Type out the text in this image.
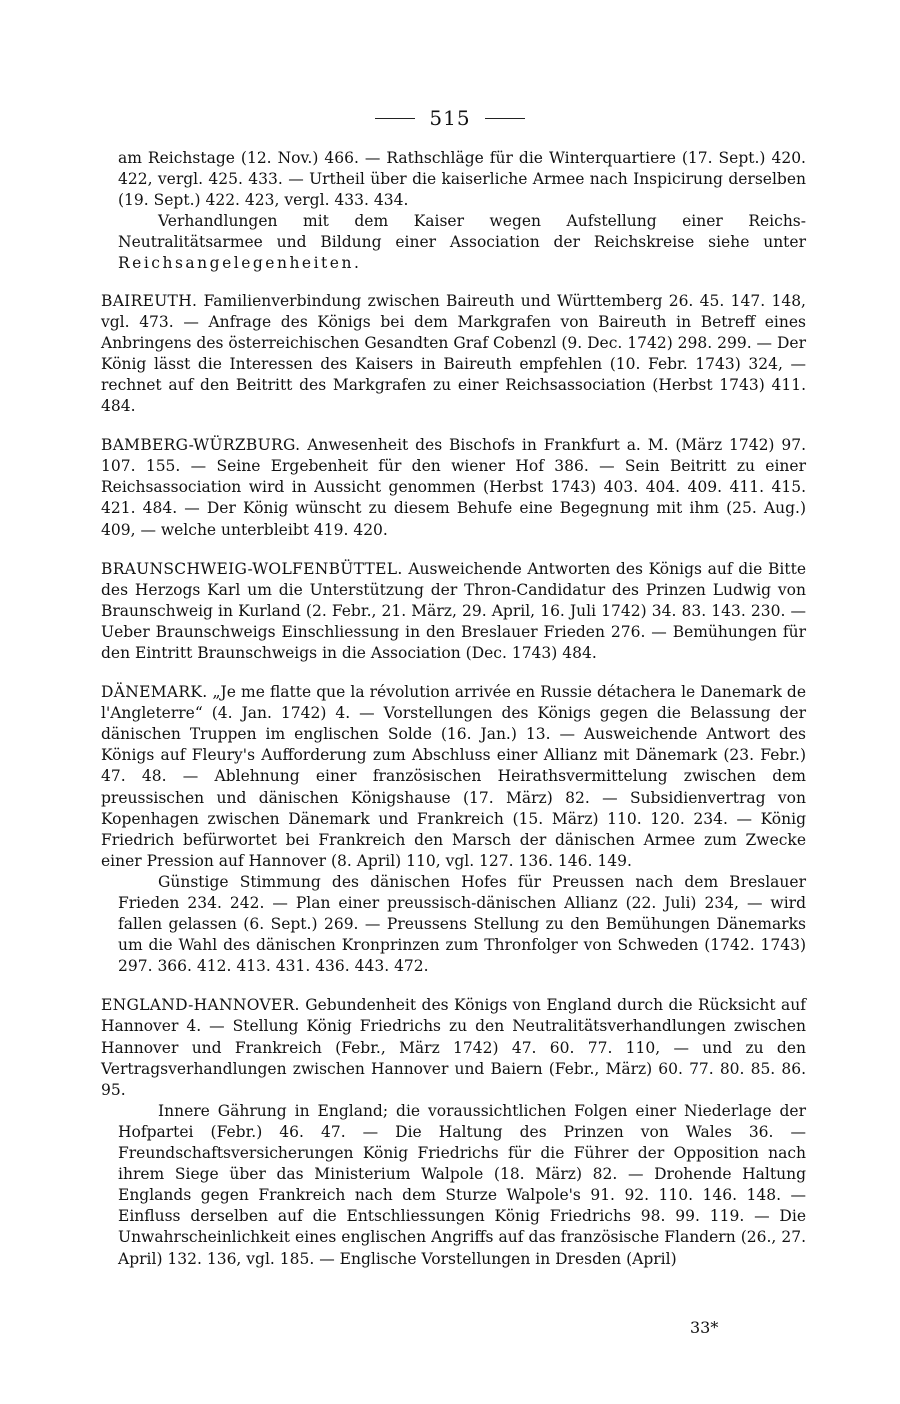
515

am Reichstage (12. Nov.) 466. — Rathschläge für die Winterquartiere (17. Sept.) 420. 422, vergl. 425. 433. — Urtheil über die kaiserliche Armee nach Inspicirung derselben (19. Sept.) 422. 423, vergl. 433. 434.

Verhandlungen mit dem Kaiser wegen Aufstellung einer Reichs-Neutralitätsarmee und Bildung einer Association der Reichskreise siehe unter Reichsangelegenheiten.

BAIREUTH. Familienverbindung zwischen Baireuth und Württemberg 26. 45. 147. 148, vgl. 473. — Anfrage des Königs bei dem Markgrafen von Baireuth in Betreff eines Anbringens des österreichischen Gesandten Graf Cobenzl (9. Dec. 1742) 298. 299. — Der König lässt die Interessen des Kaisers in Baireuth empfehlen (10. Febr. 1743) 324, — rechnet auf den Beitritt des Markgrafen zu einer Reichsassociation (Herbst 1743) 411. 484.

BAMBERG-WÜRZBURG. Anwesenheit des Bischofs in Frankfurt a. M. (März 1742) 97. 107. 155. — Seine Ergebenheit für den wiener Hof 386. — Sein Beitritt zu einer Reichsassociation wird in Aussicht genommen (Herbst 1743) 403. 404. 409. 411. 415. 421. 484. — Der König wünscht zu diesem Behufe eine Begegnung mit ihm (25. Aug.) 409, — welche unterbleibt 419. 420.

BRAUNSCHWEIG-WOLFENBÜTTEL. Ausweichende Antworten des Königs auf die Bitte des Herzogs Karl um die Unterstützung der Thron-Candidatur des Prinzen Ludwig von Braunschweig in Kurland (2. Febr., 21. März, 29. April, 16. Juli 1742) 34. 83. 143. 230. — Ueber Braunschweigs Einschliessung in den Breslauer Frieden 276. — Bemühungen für den Eintritt Braunschweigs in die Association (Dec. 1743) 484.

DÄNEMARK. „Je me flatte que la révolution arrivée en Russie détachera le Danemark de l'Angleterre“ (4. Jan. 1742) 4. — Vorstellungen des Königs gegen die Belassung der dänischen Truppen im englischen Solde (16. Jan.) 13. — Ausweichende Antwort des Königs auf Fleury's Aufforderung zum Abschluss einer Allianz mit Dänemark (23. Febr.) 47. 48. — Ablehnung einer französischen Heirathsvermittelung zwischen dem preussischen und dänischen Königshause (17. März) 82. — Subsidienvertrag von Kopenhagen zwischen Dänemark und Frankreich (15. März) 110. 120. 234. — König Friedrich befürwortet bei Frankreich den Marsch der dänischen Armee zum Zwecke einer Pression auf Hannover (8. April) 110, vgl. 127. 136. 146. 149.

Günstige Stimmung des dänischen Hofes für Preussen nach dem Breslauer Frieden 234. 242. — Plan einer preussisch-dänischen Allianz (22. Juli) 234, — wird fallen gelassen (6. Sept.) 269. — Preussens Stellung zu den Bemühungen Dänemarks um die Wahl des dänischen Kronprinzen zum Thronfolger von Schweden (1742. 1743) 297. 366. 412. 413. 431. 436. 443. 472.

ENGLAND-HANNOVER. Gebundenheit des Königs von England durch die Rücksicht auf Hannover 4. — Stellung König Friedrichs zu den Neutralitätsverhandlungen zwischen Hannover und Frankreich (Febr., März 1742) 47. 60. 77. 110, — und zu den Vertragsverhandlungen zwischen Hannover und Baiern (Febr., März) 60. 77. 80. 85. 86. 95.

Innere Gährung in England; die voraussichtlichen Folgen einer Niederlage der Hofpartei (Febr.) 46. 47. — Die Haltung des Prinzen von Wales 36. — Freundschaftsversicherungen König Friedrichs für die Führer der Opposition nach ihrem Siege über das Ministerium Walpole (18. März) 82. — Drohende Haltung Englands gegen Frankreich nach dem Sturze Walpole's 91. 92. 110. 146. 148. — Einfluss derselben auf die Entschliessungen König Friedrichs 98. 99. 119. — Die Unwahrscheinlichkeit eines englischen Angriffs auf das französische Flandern (26., 27. April) 132. 136, vgl. 185. — Englische Vorstellungen in Dresden (April)

33*
